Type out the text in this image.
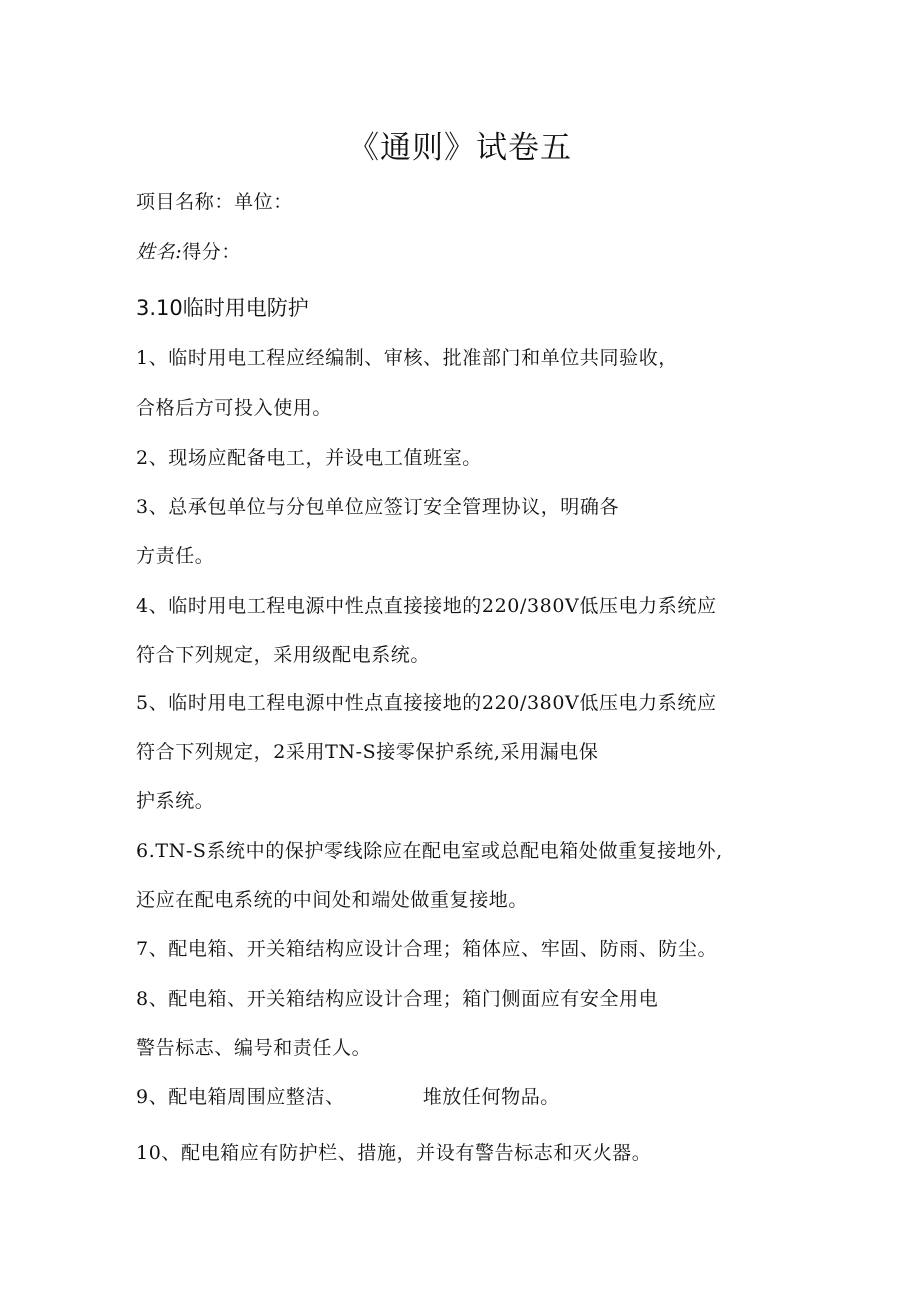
《通则》试卷五
项目名称：单位：
姓名:得分：
3.10临时用电防护
1、临时用电工程应经编制、审核、批准部门和单位共同验收，
合格后方可投入使用。
2、现场应配备电工，并设电工值班室。
3、总承包单位与分包单位应签订安全管理协议，明确各
方责任。
4、临时用电工程电源中性点直接接地的220/380V低压电力系统应
符合下列规定，采用级配电系统。
5、临时用电工程电源中性点直接接地的220/380V低压电力系统应
符合下列规定，2采用TN-S接零保护系统,采用漏电保
护系统。
6.TN-S系统中的保护零线除应在配电室或总配电箱处做重复接地外,
还应在配电系统的中间处和端处做重复接地。
7、配电箱、开关箱结构应设计合理；箱体应、牢固、防雨、防尘。
8、配电箱、开关箱结构应设计合理；箱门侧面应有安全用电
警告标志、编号和责任人。
9、配电箱周围应整洁、	堆放任何物品。
10、配电箱应有防护栏、措施，并设有警告标志和灭火器。
